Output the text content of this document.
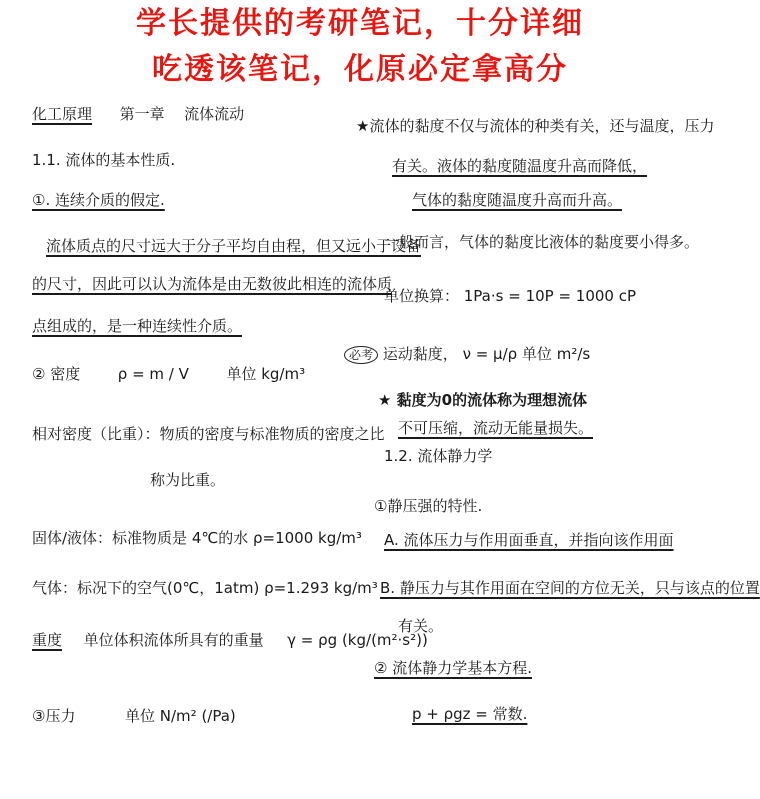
学长提供的考研笔记，十分详细
吃透该笔记，化原必定拿高分
化工原理 第一章 流体流动
1.1. 流体的基本性质.
①. 连续介质的假定.
流体质点的尺寸远大于分子平均自由程，但又远小于设备
的尺寸，因此可以认为流体是由无数彼此相连的流体质
点组成的，是一种连续性介质。
② 密度	ρ = m / V	单位 kg/m³
相对密度（比重）：物质的密度与标准物质的密度之比
称为比重。
固体/液体：标准物质是 4℃的水 ρ=1000 kg/m³
气体：标况下的空气(0℃，1atm) ρ=1.293 kg/m³
重度 单位体积流体所具有的重量 γ = ρg (kg/(m²·s²))
③压力	单位 N/m² (/Pa)
★流体的黏度不仅与流体的种类有关，还与温度，压力
有关。液体的黏度随温度升高而降低，
气体的黏度随温度升高而升高。
一般而言，气体的黏度比液体的黏度要小得多。
单位换算： 1Pa·s = 10P = 1000 cP
必考 运动黏度， ν = μ/ρ 单位 m²/s
★ 黏度为0的流体称为理想流体
不可压缩，流动无能量损失。
1.2. 流体静力学
①静压强的特性.
A. 流体压力与作用面垂直，并指向该作用面
B. 静压力与其作用面在空间的方位无关，只与该点的位置
有关。
② 流体静力学基本方程.
p + ρgz = 常数.
